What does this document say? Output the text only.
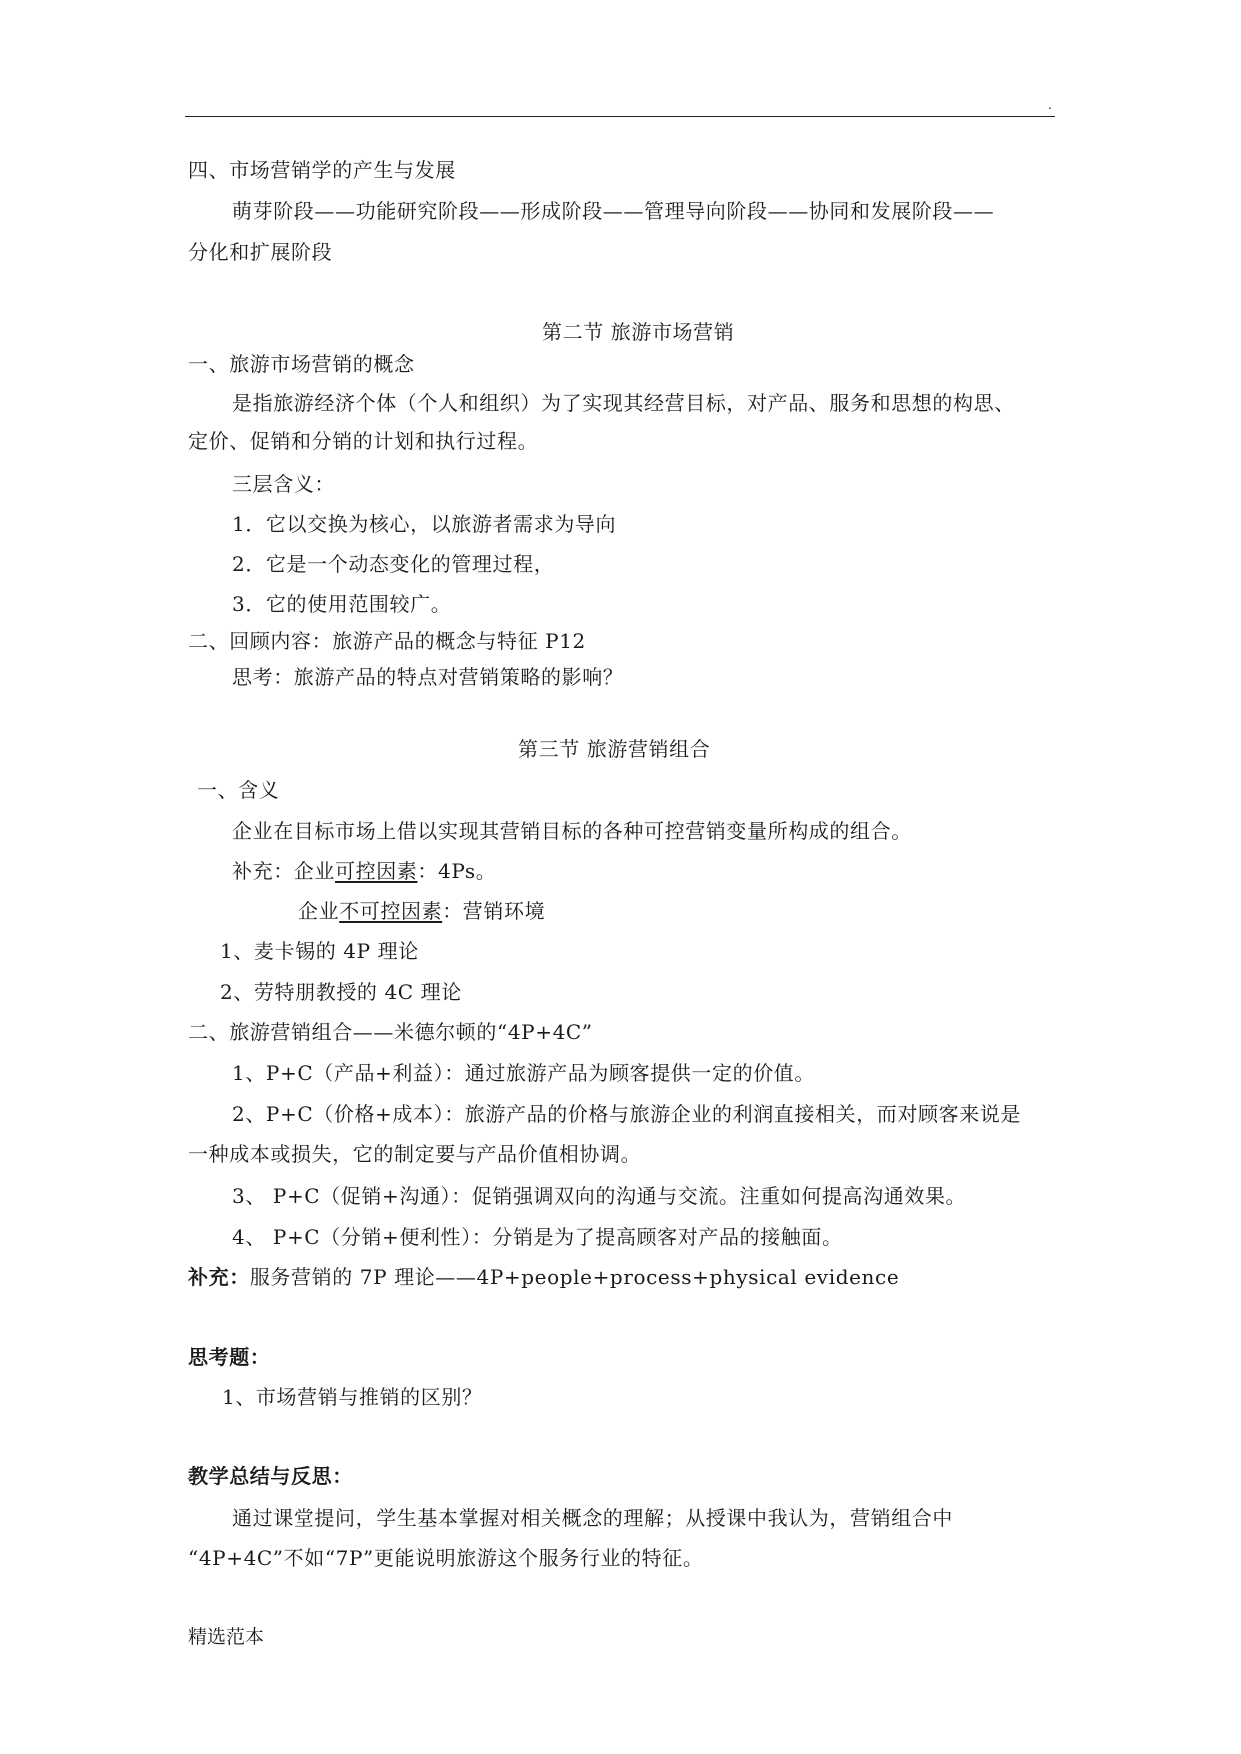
.
四、市场营销学的产生与发展
萌芽阶段——功能研究阶段——形成阶段——管理导向阶段——协同和发展阶段——
分化和扩展阶段
第二节 旅游市场营销
一、旅游市场营销的概念
是指旅游经济个体（个人和组织）为了实现其经营目标，对产品、服务和思想的构思、
定价、促销和分销的计划和执行过程。
三层含义：
1．它以交换为核心，以旅游者需求为导向
2．它是一个动态变化的管理过程，
3．它的使用范围较广。
二、回顾内容：旅游产品的概念与特征 P12
思考：旅游产品的特点对营销策略的影响？
第三节 旅游营销组合
一、含义
企业在目标市场上借以实现其营销目标的各种可控营销变量所构成的组合。
补充：企业可控因素：4Ps。
企业不可控因素：营销环境
1、麦卡锡的 4P 理论
2、劳特朋教授的 4C 理论
二、旅游营销组合——米德尔顿的“4P+4C”
1、P+C（产品+利益）：通过旅游产品为顾客提供一定的价值。
2、P+C（价格+成本）：旅游产品的价格与旅游企业的利润直接相关，而对顾客来说是
一种成本或损失，它的制定要与产品价值相协调。
3、 P+C（促销+沟通）：促销强调双向的沟通与交流。注重如何提高沟通效果。
4、 P+C（分销+便利性）：分销是为了提高顾客对产品的接触面。
补充：服务营销的 7P 理论——4P+people+process+physical evidence
思考题：
1、市场营销与推销的区别？
教学总结与反思：
通过课堂提问，学生基本掌握对相关概念的理解；从授课中我认为，营销组合中
“4P+4C”不如“7P”更能说明旅游这个服务行业的特征。
精选范本
